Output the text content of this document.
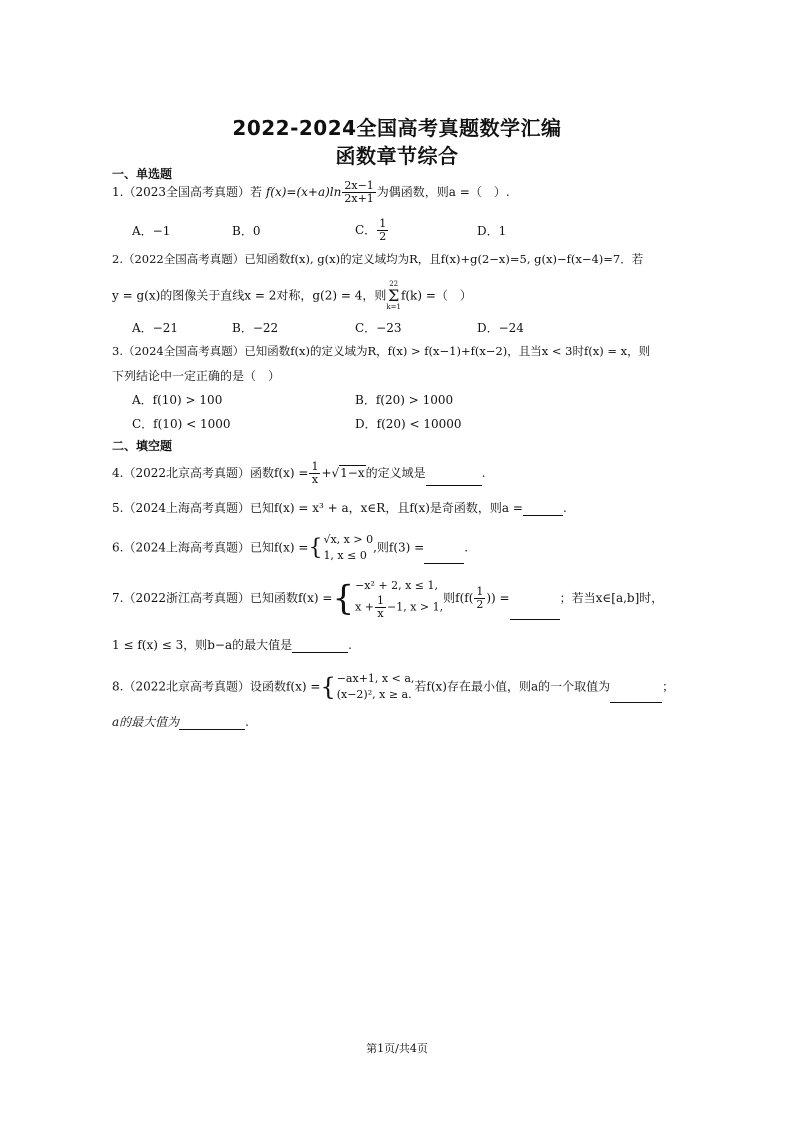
2022-2024全国高考真题数学汇编
函数章节综合
一、单选题
1.（2023全国高考真题）若 $f(x)=(x+a)\ln \frac{2x-1}{2x+1}$ 为偶函数，则a =（　）.
A．−1	B．0	C． $\frac{1}{2}$	D．1
2.（2022全国高考真题）已知函数f(x), g(x)的定义域均为R，且f(x)+g(2−x)=5, g(x)−f(x−4)=7．若
y = g(x)的图像关于直线x = 2对称，g(2) = 4，则
22
Σ
k=1
f(k) =（　）
A．−21	B．−22	C．−23	D．−24
3.（2024全国高考真题）已知函数f(x)的定义域为R，f(x) > f(x−1)+f(x−2)，且当x < 3时f(x) = x，则
下列结论中一定正确的是（　）
A．f(10) > 100	B．f(20) > 1000
C．f(10) < 1000	D．f(20) < 10000
二、填空题
4.（2022北京高考真题）函数$f(x) = \frac{1}{x} +√1-x$的定义域是	.
5.（2024上海高考真题）已知f(x) = x³ + a，x∈R，且f(x)是奇函数，则a =	.
6.（2024上海高考真题）已知f(x) ={ √x, x > 0
1, x ≤ 0
,则f(3) =	.
7.（2022浙江高考真题）已知函数f(x) ={ −x² + 2, x ≤ 1,
$x + \frac{1}{x} -1$, x > 1,
则$f(f( \frac{1}{2}$ )) =	；若当x∈[a,b]时，
1 ≤ f(x) ≤ 3，则b−a的最大值是	.
8.（2022北京高考真题）设函数f(x) ={ −ax+1, x < a,
(x−2)², x ≥ a.
若f(x)存在最小值，则a的一个取值为	；
a的最大值为	.
第1页/共4页
